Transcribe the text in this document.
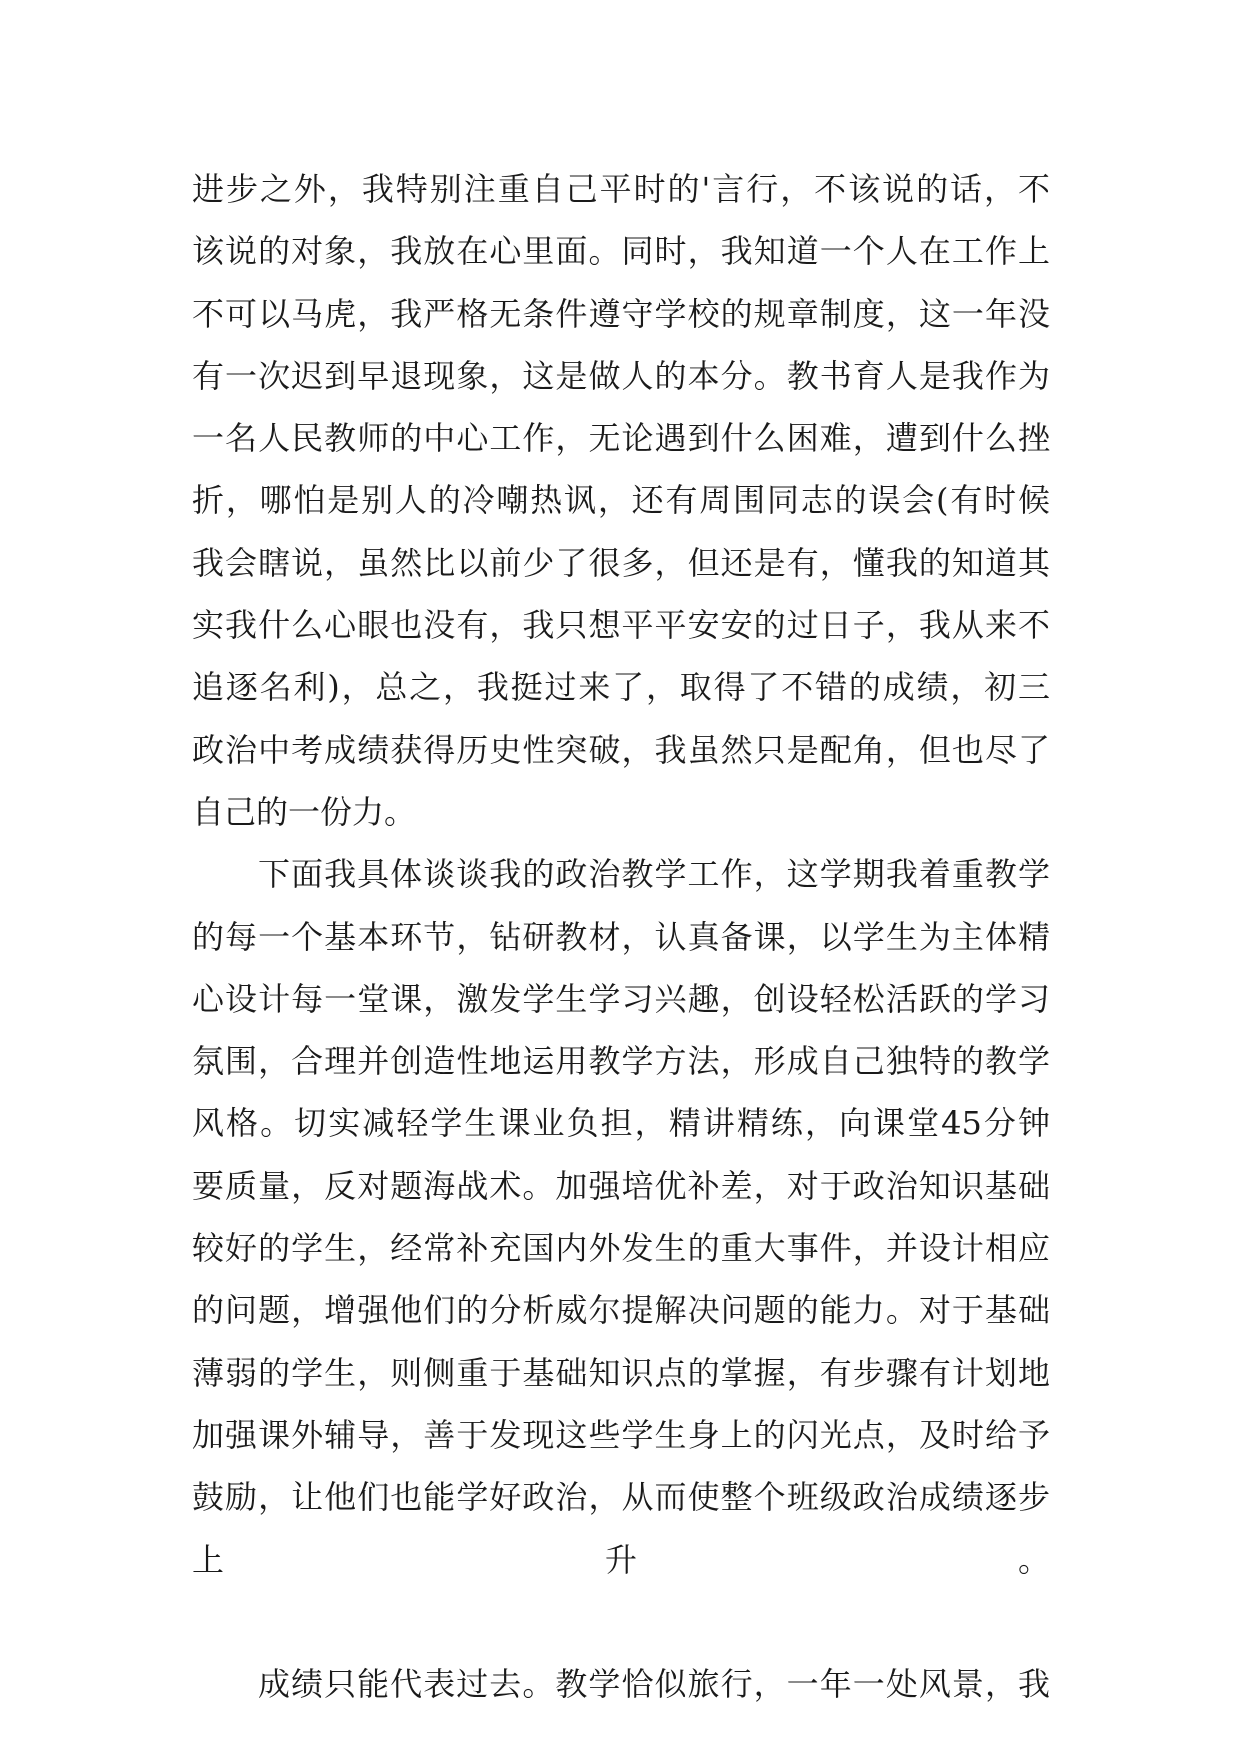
进步之外，我特别注重自己平时的'言行，不该说的话，不
该说的对象，我放在心里面。同时，我知道一个人在工作上
不可以马虎，我严格无条件遵守学校的规章制度，这一年没
有一次迟到早退现象，这是做人的本分。教书育人是我作为
一名人民教师的中心工作，无论遇到什么困难，遭到什么挫
折，哪怕是别人的冷嘲热讽，还有周围同志的误会(有时候
我会瞎说，虽然比以前少了很多，但还是有，懂我的知道其
实我什么心眼也没有，我只想平平安安的过日子，我从来不
追逐名利)，总之，我挺过来了，取得了不错的成绩，初三
政治中考成绩获得历史性突破，我虽然只是配角，但也尽了
自己的一份力。
下面我具体谈谈我的政治教学工作，这学期我着重教学
的每一个基本环节，钻研教材，认真备课，以学生为主体精
心设计每一堂课，激发学生学习兴趣，创设轻松活跃的学习
氛围，合理并创造性地运用教学方法，形成自己独特的教学
风格。切实减轻学生课业负担，精讲精练，向课堂45分钟
要质量，反对题海战术。加强培优补差，对于政治知识基础
较好的学生，经常补充国内外发生的重大事件，并设计相应
的问题，增强他们的分析威尔提解决问题的能力。对于基础
薄弱的学生，则侧重于基础知识点的掌握，有步骤有计划地
加强课外辅导，善于发现这些学生身上的闪光点，及时给予
鼓励，让他们也能学好政治，从而使整个班级政治成绩逐步
上升。
成绩只能代表过去。教学恰似旅行，一年一处风景，我
